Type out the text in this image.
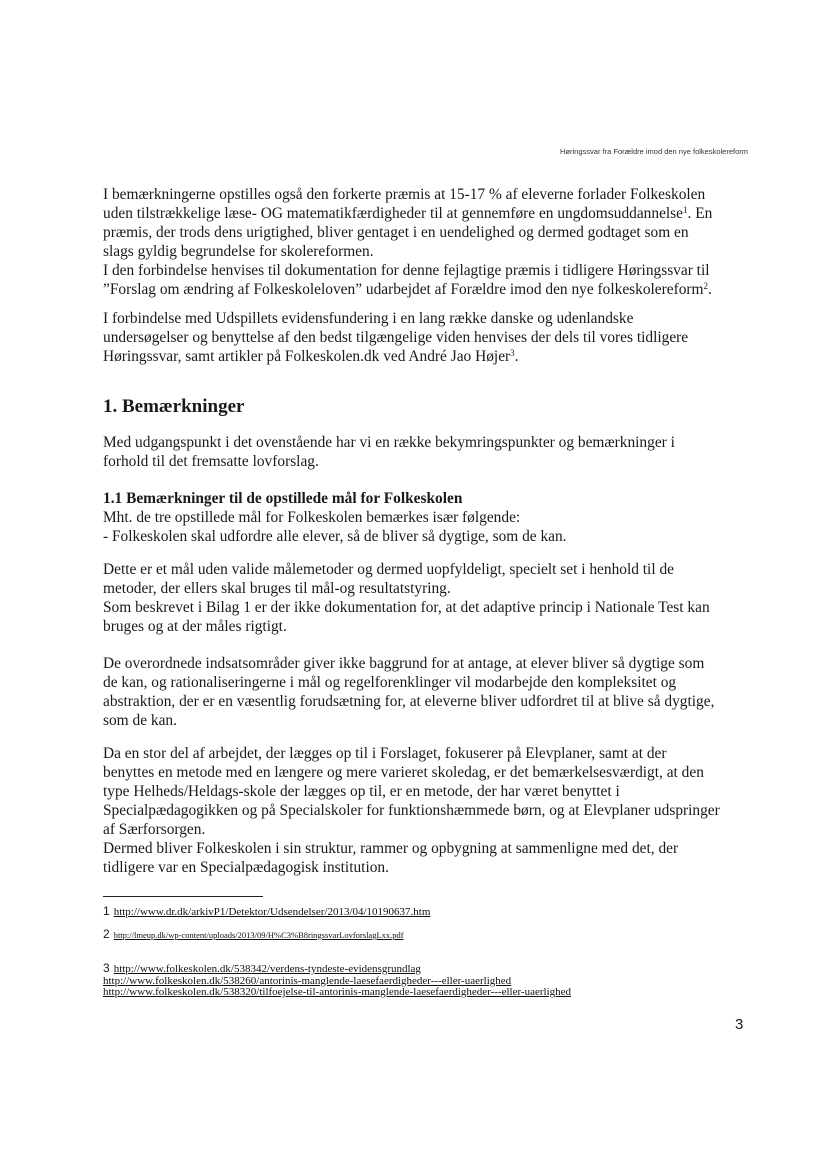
Høringssvar fra Forældre imod den nye folkeskolereform
I bemærkningerne opstilles også den forkerte præmis at 15-17 % af eleverne forlader Folkeskolen
uden tilstrækkelige læse- OG matematikfærdigheder til at gennemføre en ungdomsuddannelse$^1$. En
præmis, der trods dens urigtighed, bliver gentaget i en uendelighed og dermed godtaget som en
slags gyldig begrundelse for skolereformen.
I den forbindelse henvises til dokumentation for denne fejlagtige præmis i tidligere Høringssvar til
”Forslag om ændring af Folkeskoleloven” udarbejdet af Forældre imod den nye folkeskolereform$^2$.
I forbindelse med Udspillets evidensfundering i en lang række danske og udenlandske
undersøgelser og benyttelse af den bedst tilgængelige viden henvises der dels til vores tidligere
Høringssvar, samt artikler på Folkeskolen.dk ved André Jao Højer$^3$.
1. Bemærkninger
Med udgangspunkt i det ovenstående har vi en række bekymringspunkter og bemærkninger i
forhold til det fremsatte lovforslag.
1.1 Bemærkninger til de opstillede mål for Folkeskolen
Mht. de tre opstillede mål for Folkeskolen bemærkes især følgende:
- Folkeskolen skal udfordre alle elever, så de bliver så dygtige, som de kan.
Dette er et mål uden valide målemetoder og dermed uopfyldeligt, specielt set i henhold til de
metoder, der ellers skal bruges til mål-og resultatstyring.
Som beskrevet i Bilag 1 er der ikke dokumentation for, at det adaptive princip i Nationale Test kan
bruges og at der måles rigtigt.
De overordnede indsatsområder giver ikke baggrund for at antage, at elever bliver så dygtige som
de kan, og rationaliseringerne i mål og regelforenklinger vil modarbejde den kompleksitet og
abstraktion, der er en væsentlig forudsætning for, at eleverne bliver udfordret til at blive så dygtige,
som de kan.
Da en stor del af arbejdet, der lægges op til i Forslaget, fokuserer på Elevplaner, samt at der
benyttes en metode med en længere og mere varieret skoledag, er det bemærkelsesværdigt, at den
type Helheds/Heldags-skole der lægges op til, er en metode, der har været benyttet i
Specialpædagogikken og på Specialskoler for funktionshæmmede børn, og at Elevplaner udspringer
af Særforsorgen.
Dermed bliver Folkeskolen i sin struktur, rammer og opbygning at sammenligne med det, der
tidligere var en Specialpædagogisk institution.
1 http://www.dr.dk/arkivP1/Detektor/Udsendelser/2013/04/10190637.htm
2 http://lmeup.dk/wp-content/uploads/2013/09/H%C3%B8ringssvarLovforslagLxx.pdf
3 http://www.folkeskolen.dk/538342/verdens-tyndeste-evidensgrundlag
http://www.folkeskolen.dk/538260/antorinis-manglende-laesefaerdigheder---eller-uaerlighed
http://www.folkeskolen.dk/538320/tilfoejelse-til-antorinis-manglende-laesefaerdigheder---eller-uaerlighed
3
